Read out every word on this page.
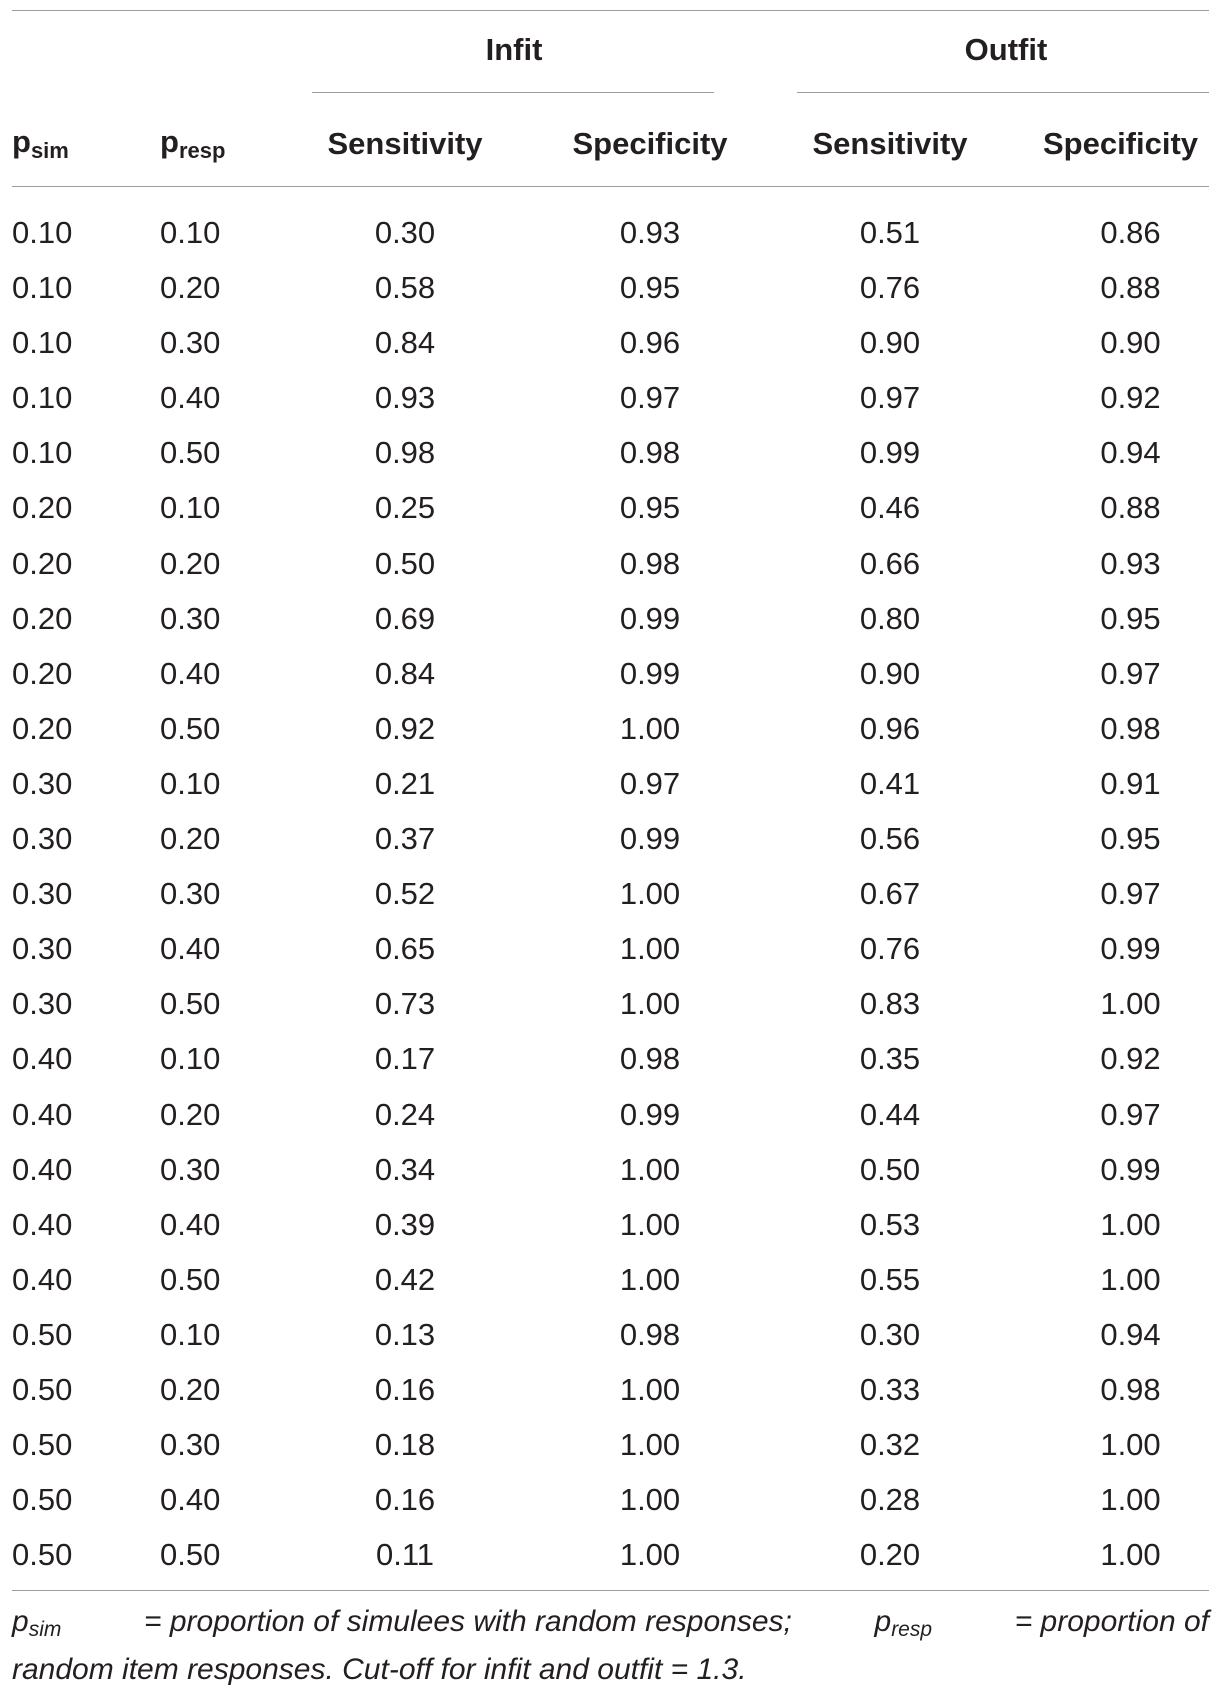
Infit	Outfit
$p_{sim}$	$p_{resp}$	Sensitivity	Specificity	Sensitivity	Specificity
0.10	0.10	0.30	0.93	0.51	0.86
0.10	0.20	0.58	0.95	0.76	0.88
0.10	0.30	0.84	0.96	0.90	0.90
0.10	0.40	0.93	0.97	0.97	0.92
0.10	0.50	0.98	0.98	0.99	0.94
0.20	0.10	0.25	0.95	0.46	0.88
0.20	0.20	0.50	0.98	0.66	0.93
0.20	0.30	0.69	0.99	0.80	0.95
0.20	0.40	0.84	0.99	0.90	0.97
0.20	0.50	0.92	1.00	0.96	0.98
0.30	0.10	0.21	0.97	0.41	0.91
0.30	0.20	0.37	0.99	0.56	0.95
0.30	0.30	0.52	1.00	0.67	0.97
0.30	0.40	0.65	1.00	0.76	0.99
0.30	0.50	0.73	1.00	0.83	1.00
0.40	0.10	0.17	0.98	0.35	0.92
0.40	0.20	0.24	0.99	0.44	0.97
0.40	0.30	0.34	1.00	0.50	0.99
0.40	0.40	0.39	1.00	0.53	1.00
0.40	0.50	0.42	1.00	0.55	1.00
0.50	0.10	0.13	0.98	0.30	0.94
0.50	0.20	0.16	1.00	0.33	0.98
0.50	0.30	0.18	1.00	0.32	1.00
0.50	0.40	0.16	1.00	0.28	1.00
0.50	0.50	0.11	1.00	0.20	1.00
$p_{sim}$	= proportion of simulees with random responses;	$p_{resp}$	= proportion of
random item responses. Cut-off for infit and outfit = 1.3.
